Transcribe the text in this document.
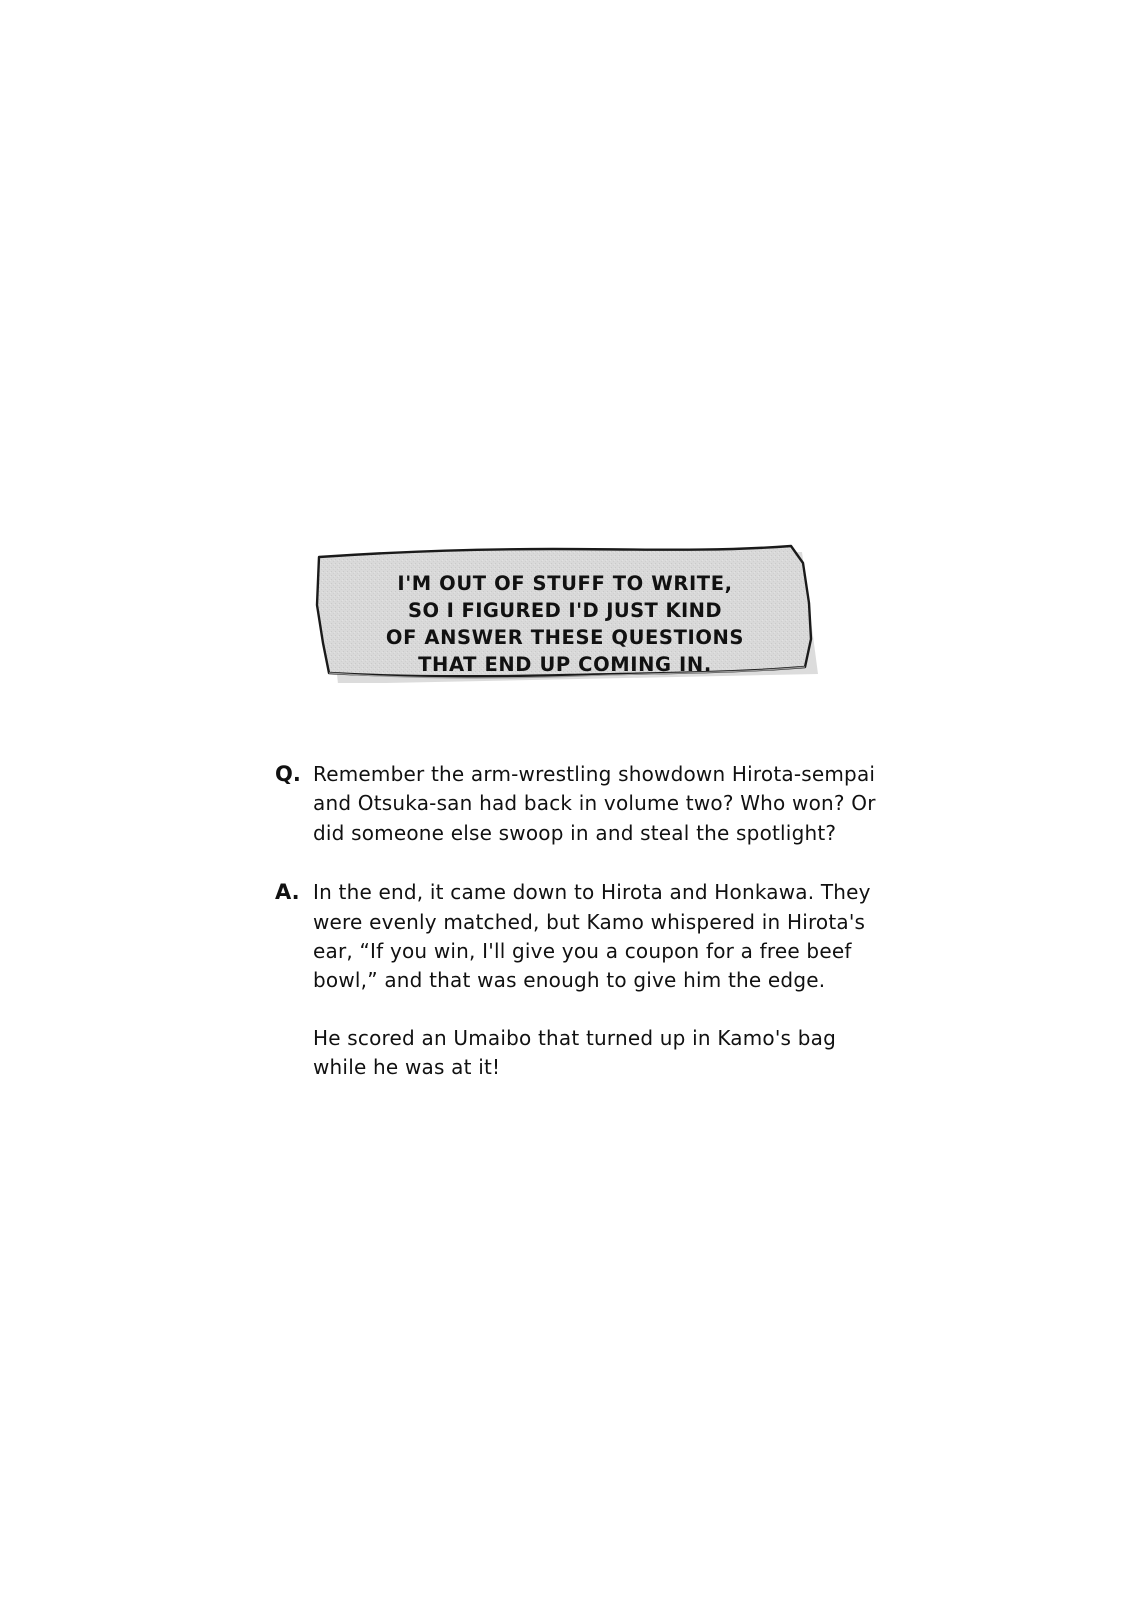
I'M OUT OF STUFF TO WRITE,
SO I FIGURED I'D JUST KIND
OF ANSWER THESE QUESTIONS
THAT END UP COMING IN.
Q. Remember the arm-wrestling showdown Hirota-sempai and Otsuka-san had back in volume two? Who won? Or did someone else swoop in and steal the spotlight?
A. In the end, it came down to Hirota and Honkawa. They were evenly matched, but Kamo whispered in Hirota's ear, “If you win, I'll give you a coupon for a free beef bowl,” and that was enough to give him the edge.
He scored an Umaibo that turned up in Kamo's bag while he was at it!
